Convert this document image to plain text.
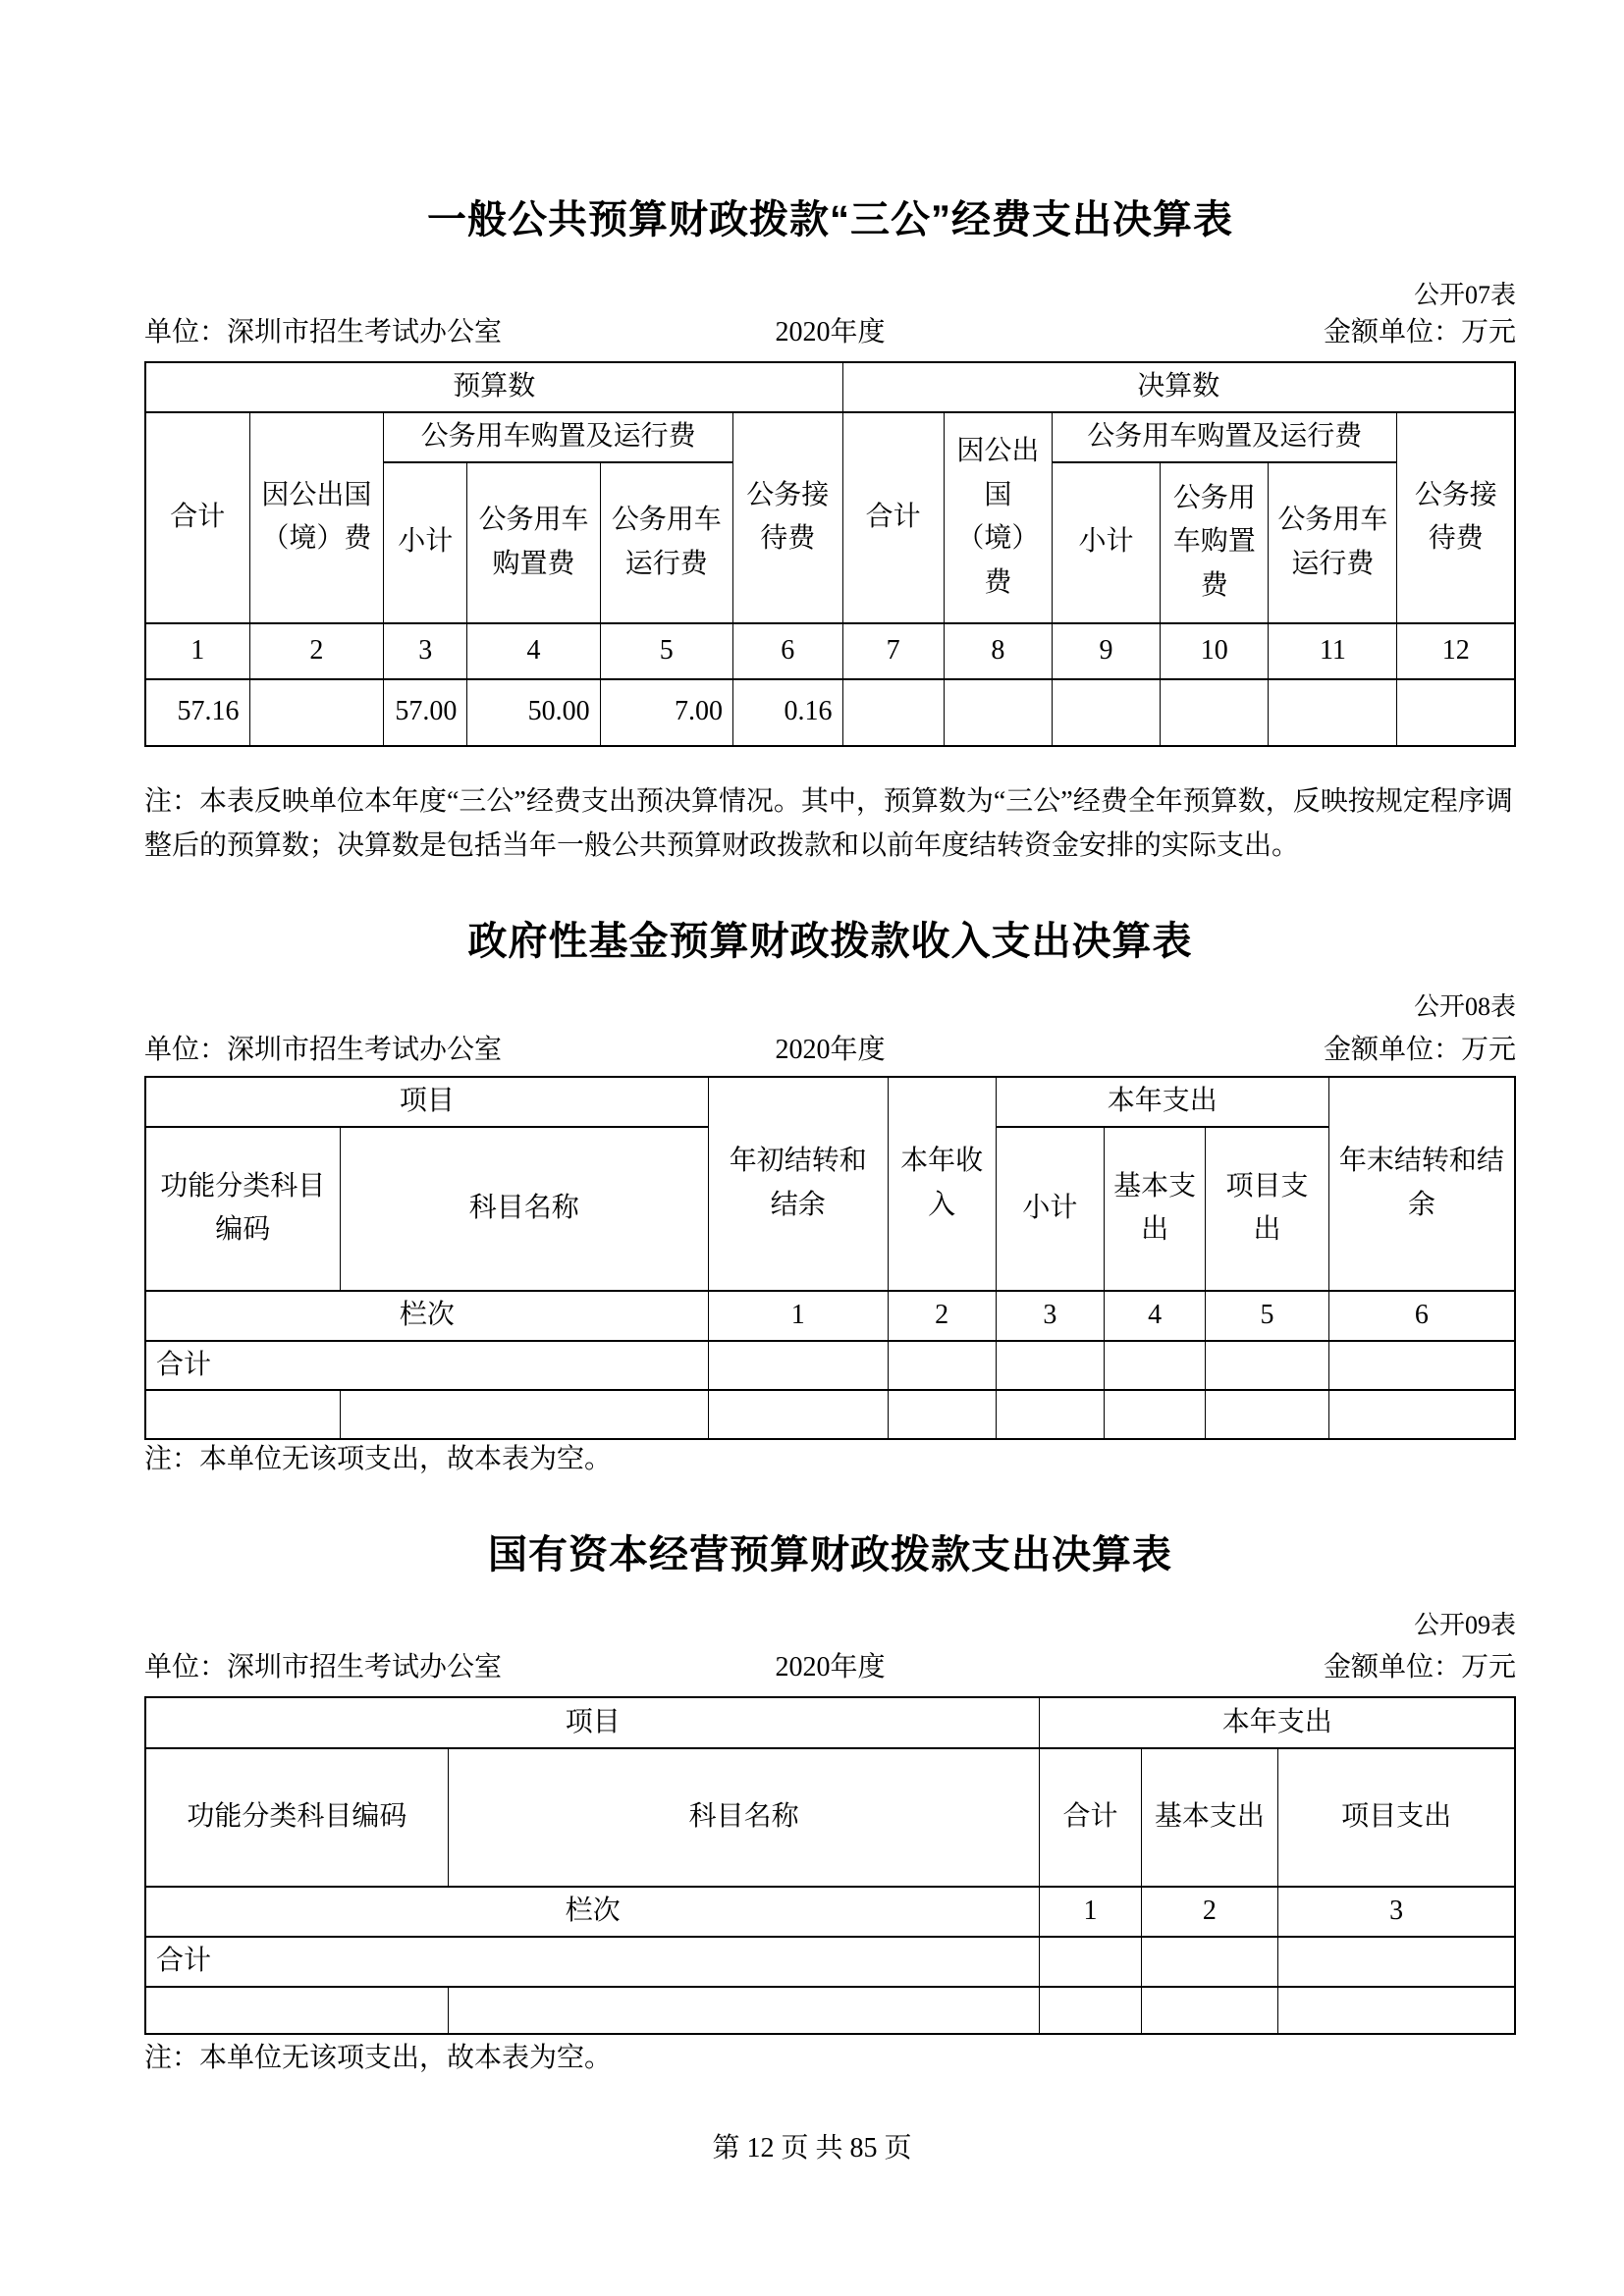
一般公共预算财政拨款“三公”经费支出决算表
公开07表
单位：深圳市招生考试办公室	2020年度	金额单位：万元
预算数						决算数					
合计	因公出国（境）费	公务用车购置及运行费			公务接待费	合计	因公出国（境）费	公务用车购置及运行费			公务接待费
		小计	公务用车购置费	公务用车运行费				小计	公务用车购置费	公务用车运行费	
1	2	3	4	5	6	7	8	9	10	11	12
57.16		57.00	50.00	7.00	0.16						

注：本表反映单位本年度“三公”经费支出预决算情况。其中，预算数为“三公”经费全年预算数，反映按规定程序调整后的预算数；决算数是包括当年一般公共预算财政拨款和以前年度结转资金安排的实际支出。

政府性基金预算财政拨款收入支出决算表
公开08表
单位：深圳市招生考试办公室	2020年度	金额单位：万元
项目		年初结转和结余	本年收入	本年支出			年末结转和结余
功能分类科目编码	科目名称			小计	基本支出	项目支出	
栏次		1	2	3	4	5	6
合计							

注：本单位无该项支出，故本表为空。

国有资本经营预算财政拨款支出决算表
公开09表
单位：深圳市招生考试办公室	2020年度	金额单位：万元
项目		本年支出		
功能分类科目编码	科目名称	合计	基本支出	项目支出
栏次		1	2	3
合计				

注：本单位无该项支出，故本表为空。

第 12 页 共 85 页
